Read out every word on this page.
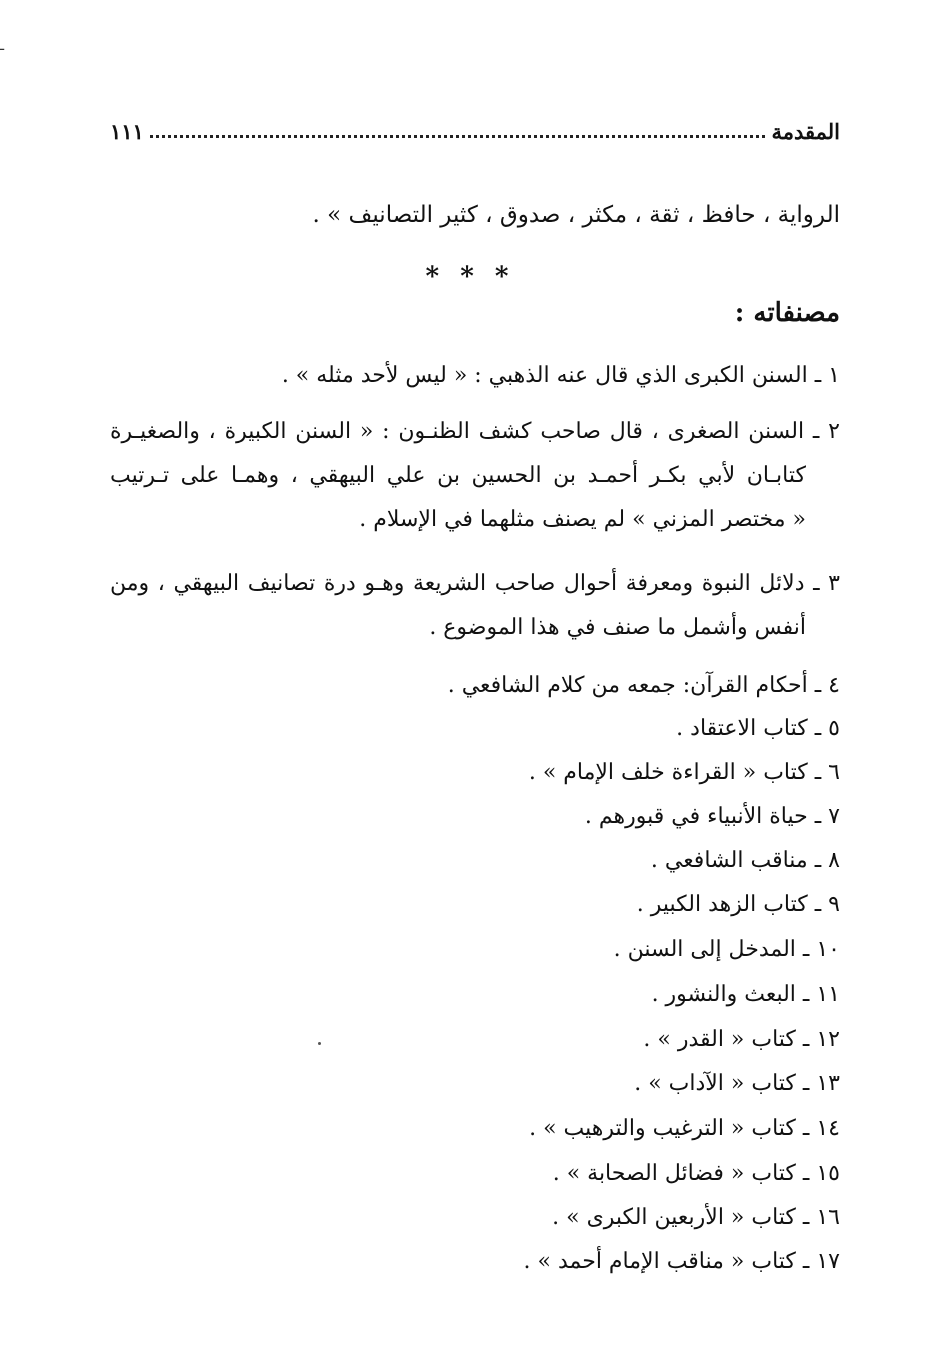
ـ
المقدمة
١١١
الرواية ، حافظ ، ثقة ، مكثر ، صدوق ، كثير التصانيف » .
* * *
مصنفاته :
١ ـ السنن الكبرى الذي قال عنه الذهبي : « ليس لأحد مثله » .
٢ ـ السنن الصغرى ، قال صاحب كشف الظنـون : « السنن الكبيرة ، والصغيـرة
كتابـان لأبي بكـر أحمـد بن الحسين بن علي البيهقي ، وهمـا على تـرتيب
« مختصر المزني » لم يصنف مثلهما في الإسلام .
٣ ـ دلائل النبوة ومعرفة أحوال صاحب الشريعة وهـو درة تصانيف البيهقي ، ومن
أنفس وأشمل ما صنف في هذا الموضوع .
٤ ـ أحكام القرآن: جمعه من كلام الشافعي .
٥ ـ كتاب الاعتقاد .
٦ ـ كتاب « القراءة خلف الإمام » .
٧ ـ حياة الأنبياء في قبورهم .
٨ ـ مناقب الشافعي .
٩ ـ كتاب الزهد الكبير .
١٠ ـ المدخل إلى السنن .
١١ ـ البعث والنشور .
١٢ ـ كتاب « القدر » .
١٣ ـ كتاب « الآداب » .
١٤ ـ كتاب « الترغيب والترهيب » .
١٥ ـ كتاب « فضائل الصحابة » .
١٦ ـ كتاب « الأربعين الكبرى » .
١٧ ـ كتاب « مناقب الإمام أحمد » .
